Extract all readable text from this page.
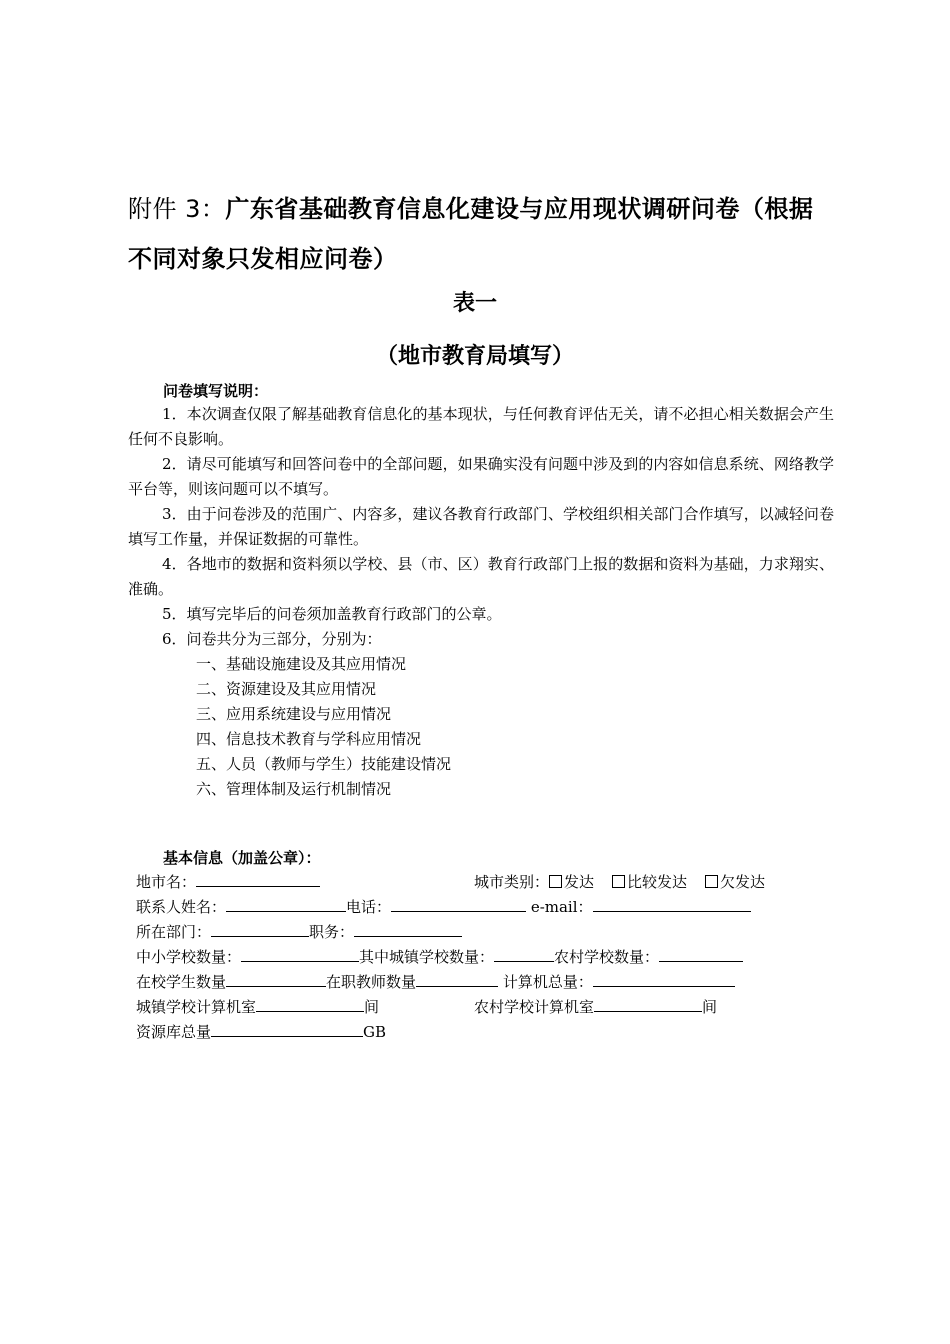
附件 3：广东省基础教育信息化建设与应用现状调研问卷（根据不同对象只发相应问卷）
表一
（地市教育局填写）
问卷填写说明：
1．本次调查仅限了解基础教育信息化的基本现状，与任何教育评估无关，请不必担心相关数据会产生任何不良影响。
2．请尽可能填写和回答问卷中的全部问题，如果确实没有问题中涉及到的内容如信息系统、网络教学平台等，则该问题可以不填写。
3．由于问卷涉及的范围广、内容多，建议各教育行政部门、学校组织相关部门合作填写，以减轻问卷填写工作量，并保证数据的可靠性。
4．各地市的数据和资料须以学校、县（市、区）教育行政部门上报的数据和资料为基础，力求翔实、准确。
5．填写完毕后的问卷须加盖教育行政部门的公章。
6．问卷共分为三部分，分别为：
一、基础设施建设及其应用情况
二、资源建设及其应用情况
三、应用系统建设与应用情况
四、信息技术教育与学科应用情况
五、人员（教师与学生）技能建设情况
六、管理体制及运行机制情况
基本信息（加盖公章）：
地市名：	城市类别： 发达 比较发达 欠发达
联系人姓名：	电话：	e-mail：
所在部门：	职务：
中小学校数量：	其中城镇学校数量：	农村学校数量：
在校学生数量	在职教师数量	计算机总量：
城镇学校计算机室	间	农村学校计算机室	间
资源库总量	GB
